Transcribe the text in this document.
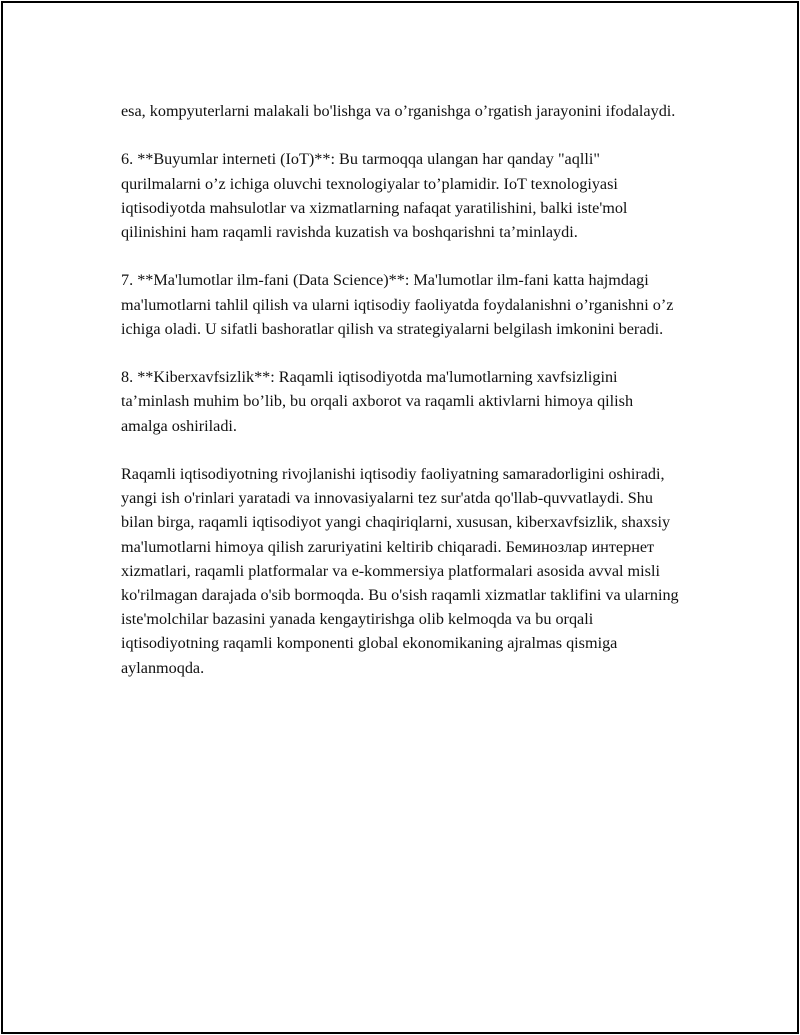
esa, kompyuterlarni malakali bo'lishga va o’rganishga o’rgatish jarayonini ifodalaydi.

6. **Buyumlar interneti (IoT)**: Bu tarmoqqa ulangan har qanday "aqlli" qurilmalarni o’z ichiga oluvchi texnologiyalar to’plamidir. IoT texnologiyasi iqtisodiyotda mahsulotlar va xizmatlarning nafaqat yaratilishini, balki iste'mol qilinishini ham raqamli ravishda kuzatish va boshqarishni ta’minlaydi.

7. **Ma'lumotlar ilm-fani (Data Science)**: Ma'lumotlar ilm-fani katta hajmdagi ma'lumotlarni tahlil qilish va ularni iqtisodiy faoliyatda foydalanishni o’rganishni o’z ichiga oladi. U sifatli bashoratlar qilish va strategiyalarni belgilash imkonini beradi.

8. **Kiberxavfsizlik**: Raqamli iqtisodiyotda ma'lumotlarning xavfsizligini ta’minlash muhim bo’lib, bu orqali axborot va raqamli aktivlarni himoya qilish amalga oshiriladi.

Raqamli iqtisodiyotning rivojlanishi iqtisodiy faoliyatning samaradorligini oshiradi, yangi ish o'rinlari yaratadi va innovasiyalarni tez sur'atda qo'llab-quvvatlaydi. Shu bilan birga, raqamli iqtisodiyot yangi chaqiriqlarni, xususan, kiberxavfsizlik, shaxsiy ma'lumotlarni himoya qilish zaruriyatini keltirib chiqaradi. Беминозлар интернет xizmatlari, raqamli platformalar va e-kommersiya platformalari asosida avval misli ko'rilmagan darajada o'sib bormoqda. Bu o'sish raqamli xizmatlar taklifini va ularning iste'molchilar bazasini yanada kengaytirishga olib kelmoqda va bu orqali iqtisodiyotning raqamli komponenti global ekonomikaning ajralmas qismiga aylanmoqda.
